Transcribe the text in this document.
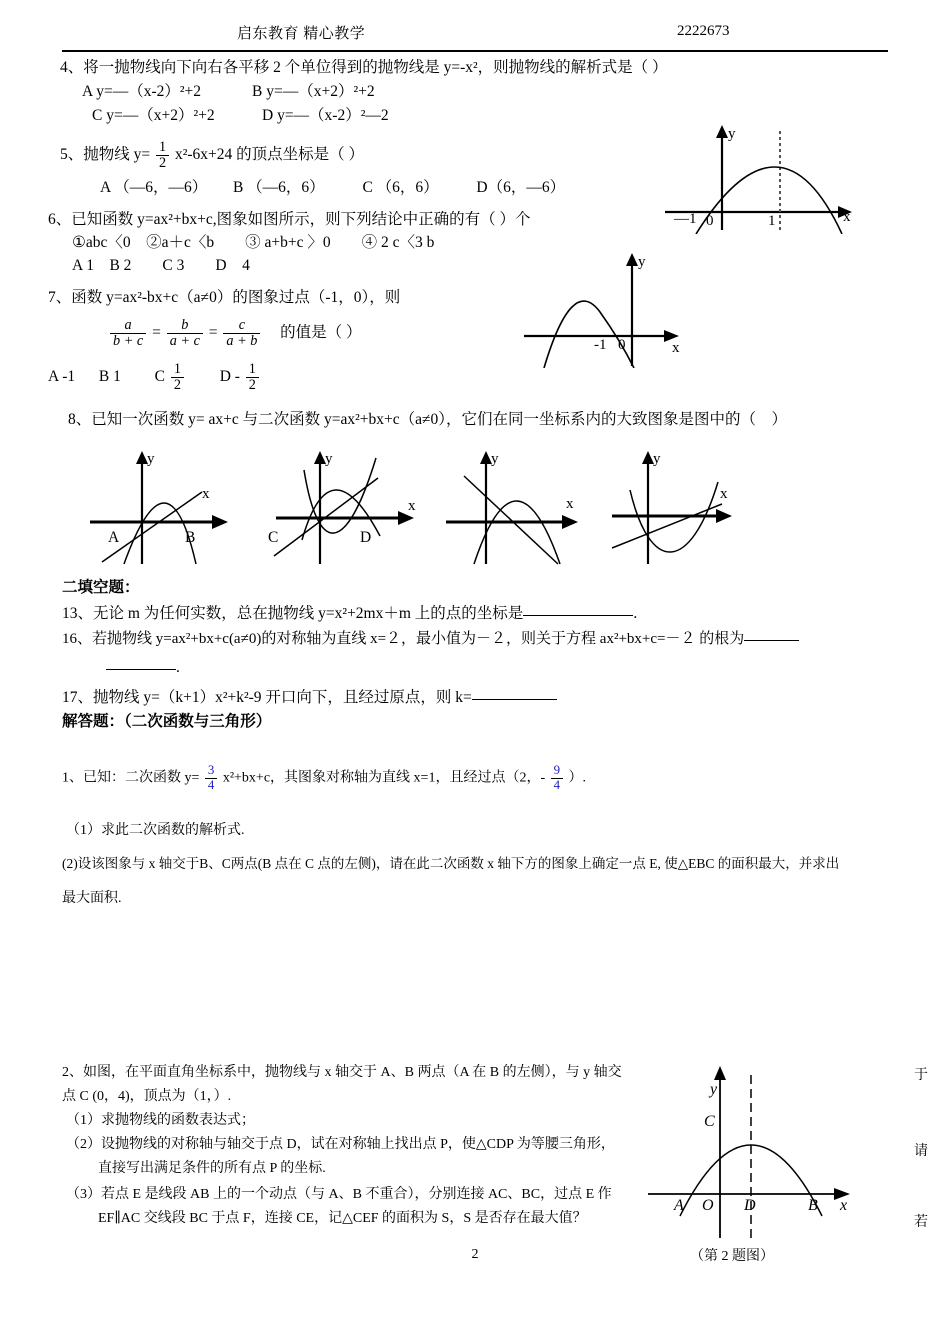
启东教育 精心教学	2222673
4、将一抛物线向下向右各平移 2 个单位得到的抛物线是 y=-x²，则抛物线的解析式是（ ）
A y=—（x-2）²+2	B y=—（x+2）²+2
C y=—（x+2）²+2	D y=—（x-2）²—2
5、抛物线 $y= \frac{1}{2} x^2-6x+24$ 的顶点坐标是（ ）
A （—6，—6） B （—6，6） C （6，6） D（6，—6）
6、已知函数 y=ax²+bx+c,图象如图所示，则下列结论中正确的有（ ）个
①abc〈0　②a＋c〈b　　③ a+b+c 〉0　　④ 2 c〈3 b
A 1　B 2　　C 3　　D　4
—1 0	1	x
y
7、函数 y=ax²-bx+c（a≠0）的图象过点（-1，0），则
$\frac{a}{b + c} = \frac{b}{a + c} = \frac{c}{a + b}$ 的值是（ ）
A -1 B 1 C $\frac{1}{2}$ D - $\frac{1}{2}$
-1 0	x
y
8、已知一次函数 y= ax+c 与二次函数 y=ax²+bx+c（a≠0），它们在同一坐标系内的大致图象是图中的（　）
y
x
A	B
y
x
C	D
y
x
y
x
二填空题：
13、无论 m 为任何实数，总在抛物线 y=x²+2mx＋m 上的点的坐标是	.
16、若抛物线 y=ax²+bx+c(a≠0)的对称轴为直线 x=２，最小值为－２，则关于方程 ax²+bx+c=－２ 的根为
.
17、抛物线 y=（k+1）x²+k²-9 开口向下，且经过原点，则 k=
解答题：（二次函数与三角形）
1、已知：二次函数 $y= \frac{3}{4} x^2+bx+c$，其图象对称轴为直线 x=1，且经过点（2，- $\frac{9}{4}$ ）.
（1）求此二次函数的解析式.
(2)设该图象与 x 轴交于B、C两点(B 点在 C 点的左侧)，请在此二次函数 x 轴下方的图象上确定一点 E, 使△EBC 的面积最大，并求出
最大面积.
2、如图，在平面直角坐标系中，抛物线与 x 轴交于 A、B 两点（A 在 B 的左侧），与 y 轴交
点 C (0，4)，顶点为（1，）.
（1）求抛物线的函数表达式；
（2）设抛物线的对称轴与轴交于点 D，试在对称轴上找出点 P，使△CDP 为等腰三角形，
直接写出满足条件的所有点 P 的坐标.
（3）若点 E 是线段 AB 上的一个动点（与 A、B 不重合），分别连接 AC、BC，过点 E 作
EF∥AC 交线段 BC 于点 F，连接 CE，记△CEF 的面积为 S，S 是否存在最大值？
y
C
A O D	B x
（第 2 题图）
于
请
若
2
